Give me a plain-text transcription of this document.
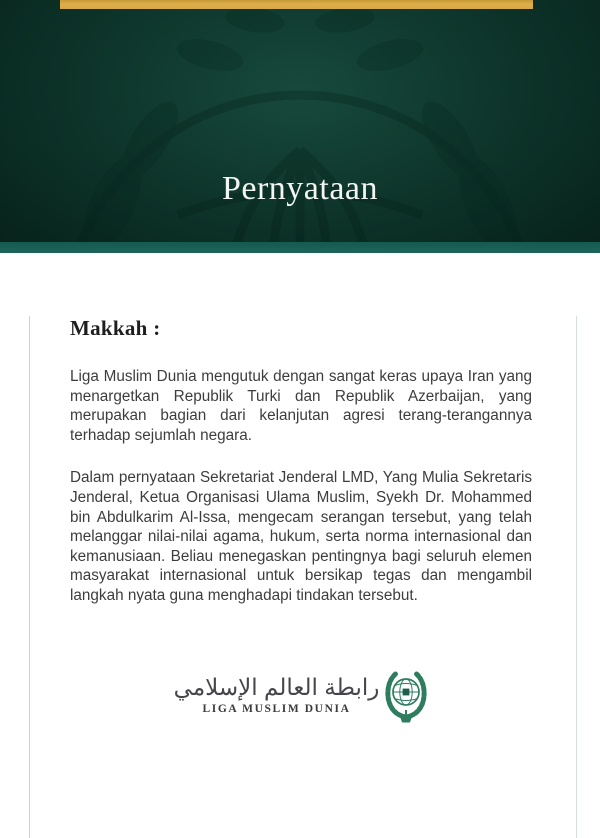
Pernyataan
Makkah :

Liga Muslim Dunia mengutuk dengan sangat keras upaya Iran yang menargetkan Republik Turki dan Republik Azerbaijan, yang merupakan bagian dari kelanjutan agresi terang-terangannya terhadap sejumlah negara.

Dalam pernyataan Sekretariat Jenderal LMD, Yang Mulia Sekretaris Jenderal, Ketua Organisasi Ulama Muslim, Syekh Dr. Mohammed bin Abdulkarim Al-Issa, mengecam serangan tersebut, yang telah melanggar nilai-nilai agama, hukum, serta norma internasional dan kemanusiaan. Beliau menegaskan pentingnya bagi seluruh elemen masyarakat internasional untuk bersikap tegas dan mengambil langkah nyata guna menghadapi tindakan tersebut.

رابطة العالم الإسلامي
LIGA MUSLIM DUNIA
